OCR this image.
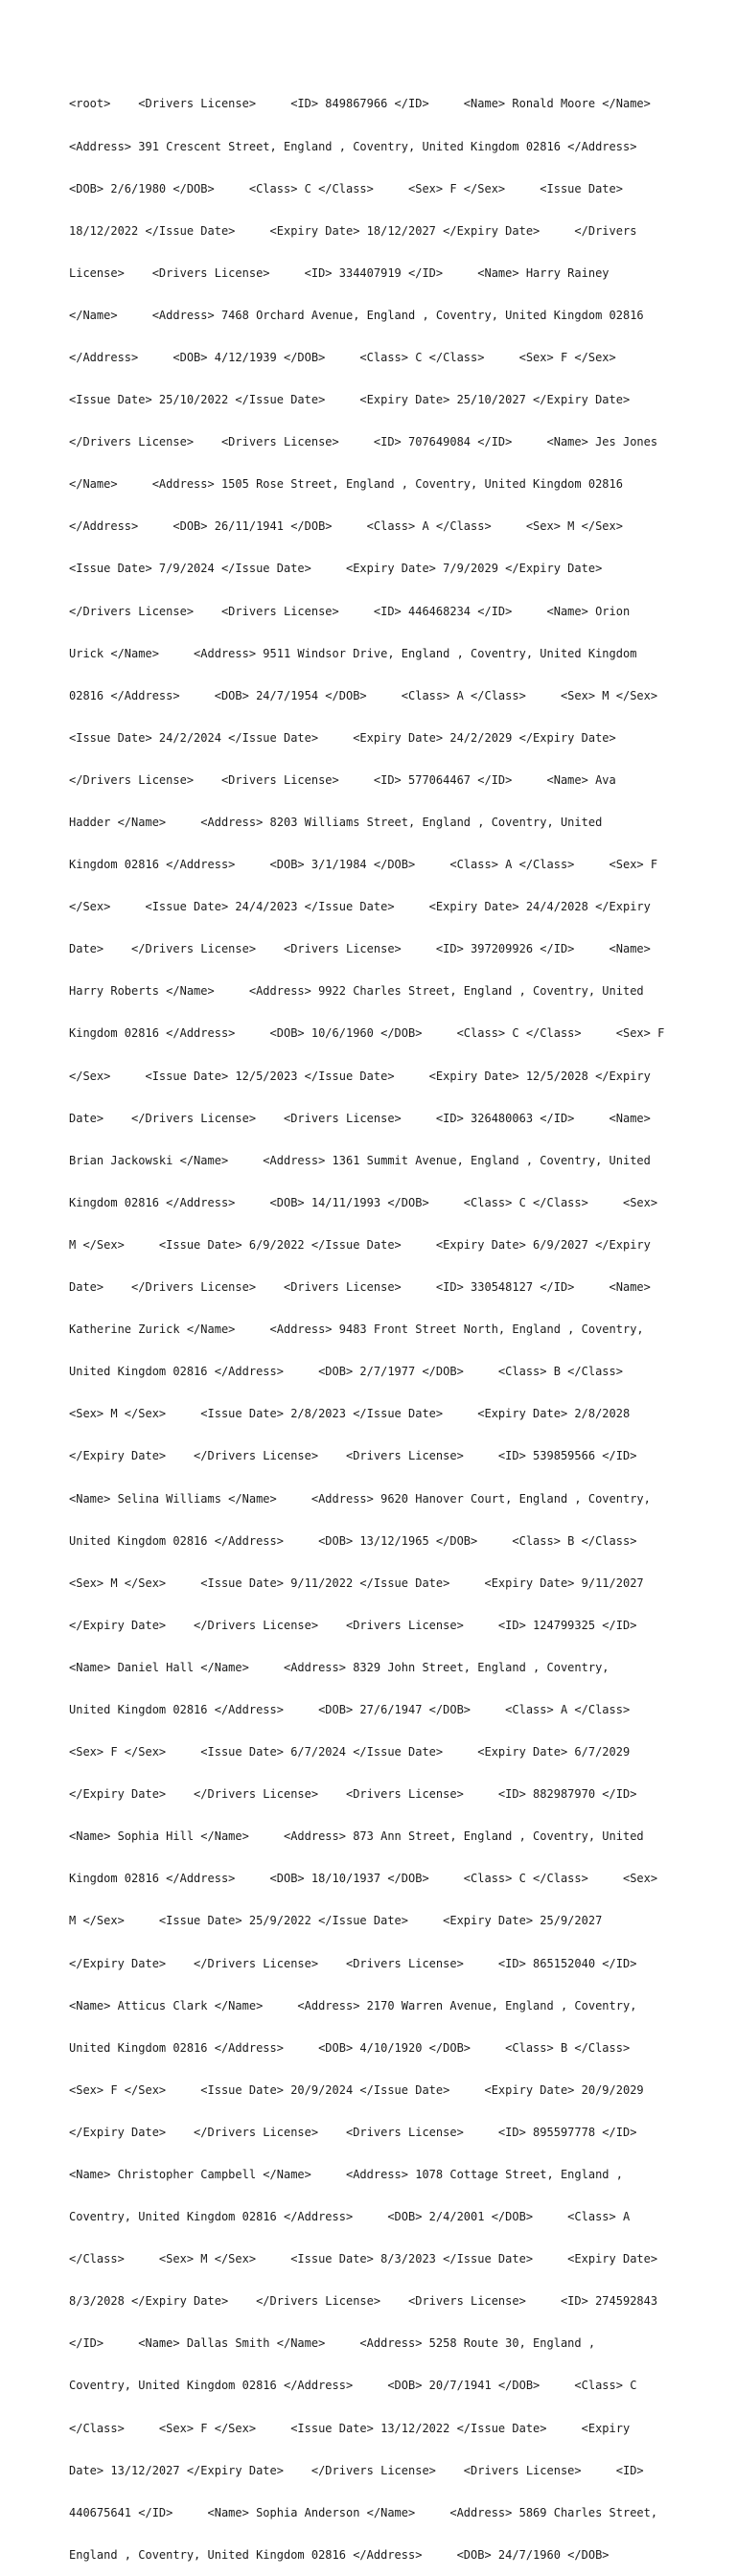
<root>    <Drivers License>     <ID> 849867966 </ID>     <Name> Ronald Moore </Name>

<Address> 391 Crescent Street, England , Coventry, United Kingdom 02816 </Address>

<DOB> 2/6/1980 </DOB>     <Class> C </Class>     <Sex> F </Sex>     <Issue Date>

18/12/2022 </Issue Date>     <Expiry Date> 18/12/2027 </Expiry Date>     </Drivers

License>    <Drivers License>     <ID> 334407919 </ID>     <Name> Harry Rainey

</Name>     <Address> 7468 Orchard Avenue, England , Coventry, United Kingdom 02816

</Address>     <DOB> 4/12/1939 </DOB>     <Class> C </Class>     <Sex> F </Sex>

<Issue Date> 25/10/2022 </Issue Date>     <Expiry Date> 25/10/2027 </Expiry Date>

</Drivers License>    <Drivers License>     <ID> 707649084 </ID>     <Name> Jes Jones

</Name>     <Address> 1505 Rose Street, England , Coventry, United Kingdom 02816

</Address>     <DOB> 26/11/1941 </DOB>     <Class> A </Class>     <Sex> M </Sex>

<Issue Date> 7/9/2024 </Issue Date>     <Expiry Date> 7/9/2029 </Expiry Date>

</Drivers License>    <Drivers License>     <ID> 446468234 </ID>     <Name> Orion

Urick </Name>     <Address> 9511 Windsor Drive, England , Coventry, United Kingdom

02816 </Address>     <DOB> 24/7/1954 </DOB>     <Class> A </Class>     <Sex> M </Sex>

<Issue Date> 24/2/2024 </Issue Date>     <Expiry Date> 24/2/2029 </Expiry Date>

</Drivers License>    <Drivers License>     <ID> 577064467 </ID>     <Name> Ava

Hadder </Name>     <Address> 8203 Williams Street, England , Coventry, United

Kingdom 02816 </Address>     <DOB> 3/1/1984 </DOB>     <Class> A </Class>     <Sex> F

</Sex>     <Issue Date> 24/4/2023 </Issue Date>     <Expiry Date> 24/4/2028 </Expiry

Date>    </Drivers License>    <Drivers License>     <ID> 397209926 </ID>     <Name>

Harry Roberts </Name>     <Address> 9922 Charles Street, England , Coventry, United

Kingdom 02816 </Address>     <DOB> 10/6/1960 </DOB>     <Class> C </Class>     <Sex> F

</Sex>     <Issue Date> 12/5/2023 </Issue Date>     <Expiry Date> 12/5/2028 </Expiry

Date>    </Drivers License>    <Drivers License>     <ID> 326480063 </ID>     <Name>

Brian Jackowski </Name>     <Address> 1361 Summit Avenue, England , Coventry, United

Kingdom 02816 </Address>     <DOB> 14/11/1993 </DOB>     <Class> C </Class>     <Sex>

M </Sex>     <Issue Date> 6/9/2022 </Issue Date>     <Expiry Date> 6/9/2027 </Expiry

Date>    </Drivers License>    <Drivers License>     <ID> 330548127 </ID>     <Name>

Katherine Zurick </Name>     <Address> 9483 Front Street North, England , Coventry,

United Kingdom 02816 </Address>     <DOB> 2/7/1977 </DOB>     <Class> B </Class>

<Sex> M </Sex>     <Issue Date> 2/8/2023 </Issue Date>     <Expiry Date> 2/8/2028

</Expiry Date>    </Drivers License>    <Drivers License>     <ID> 539859566 </ID>

<Name> Selina Williams </Name>     <Address> 9620 Hanover Court, England , Coventry,

United Kingdom 02816 </Address>     <DOB> 13/12/1965 </DOB>     <Class> B </Class>

<Sex> M </Sex>     <Issue Date> 9/11/2022 </Issue Date>     <Expiry Date> 9/11/2027

</Expiry Date>    </Drivers License>    <Drivers License>     <ID> 124799325 </ID>

<Name> Daniel Hall </Name>     <Address> 8329 John Street, England , Coventry,

United Kingdom 02816 </Address>     <DOB> 27/6/1947 </DOB>     <Class> A </Class>

<Sex> F </Sex>     <Issue Date> 6/7/2024 </Issue Date>     <Expiry Date> 6/7/2029

</Expiry Date>    </Drivers License>    <Drivers License>     <ID> 882987970 </ID>

<Name> Sophia Hill </Name>     <Address> 873 Ann Street, England , Coventry, United

Kingdom 02816 </Address>     <DOB> 18/10/1937 </DOB>     <Class> C </Class>     <Sex>

M </Sex>     <Issue Date> 25/9/2022 </Issue Date>     <Expiry Date> 25/9/2027

</Expiry Date>    </Drivers License>    <Drivers License>     <ID> 865152040 </ID>

<Name> Atticus Clark </Name>     <Address> 2170 Warren Avenue, England , Coventry,

United Kingdom 02816 </Address>     <DOB> 4/10/1920 </DOB>     <Class> B </Class>

<Sex> F </Sex>     <Issue Date> 20/9/2024 </Issue Date>     <Expiry Date> 20/9/2029

</Expiry Date>    </Drivers License>    <Drivers License>     <ID> 895597778 </ID>

<Name> Christopher Campbell </Name>     <Address> 1078 Cottage Street, England ,

Coventry, United Kingdom 02816 </Address>     <DOB> 2/4/2001 </DOB>     <Class> A

</Class>     <Sex> M </Sex>     <Issue Date> 8/3/2023 </Issue Date>     <Expiry Date>

8/3/2028 </Expiry Date>    </Drivers License>    <Drivers License>     <ID> 274592843

</ID>     <Name> Dallas Smith </Name>     <Address> 5258 Route 30, England ,

Coventry, United Kingdom 02816 </Address>     <DOB> 20/7/1941 </DOB>     <Class> C

</Class>     <Sex> F </Sex>     <Issue Date> 13/12/2022 </Issue Date>     <Expiry

Date> 13/12/2027 </Expiry Date>    </Drivers License>    <Drivers License>     <ID>

440675641 </ID>     <Name> Sophia Anderson </Name>     <Address> 5869 Charles Street,

England , Coventry, United Kingdom 02816 </Address>     <DOB> 24/7/1960 </DOB>
